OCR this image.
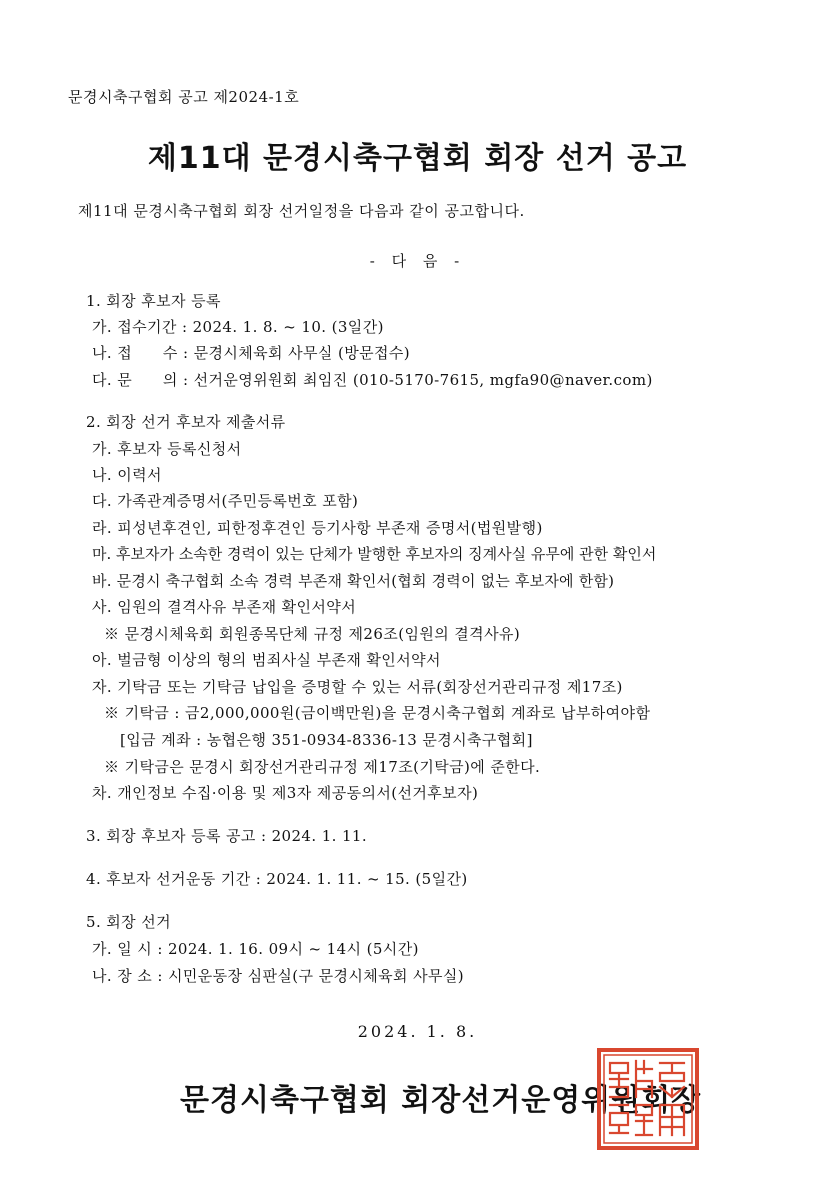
문경시축구협회 공고 제2024-1호
제11대 문경시축구협회 회장 선거 공고
제11대 문경시축구협회 회장 선거일정을 다음과 같이 공고합니다.
- 다 음 -
1. 회장 후보자 등록
가. 접수기간 : 2024. 1. 8. ~ 10. (3일간)
나. 접　　수 : 문경시체육회 사무실 (방문접수)
다. 문　　의 : 선거운영위원회 최임진 (010-5170-7615, mgfa90@naver.com)
2. 회장 선거 후보자 제출서류
가. 후보자 등록신청서
나. 이력서
다. 가족관계증명서(주민등록번호 포함)
라. 피성년후견인, 피한정후견인 등기사항 부존재 증명서(법원발행)
마. 후보자가 소속한 경력이 있는 단체가 발행한 후보자의 징계사실 유무에 관한 확인서
바. 문경시 축구협회 소속 경력 부존재 확인서(협회 경력이 없는 후보자에 한함)
사. 임원의 결격사유 부존재 확인서약서
※ 문경시체육회 회원종목단체 규정 제26조(임원의 결격사유)
아. 벌금형 이상의 형의 범죄사실 부존재 확인서약서
자. 기탁금 또는 기탁금 납입을 증명할 수 있는 서류(회장선거관리규정 제17조)
※ 기탁금 : 금2,000,000원(금이백만원)을 문경시축구협회 계좌로 납부하여야함
[입금 계좌 : 농협은행 351-0934-8336-13 문경시축구협회]
※ 기탁금은 문경시 회장선거관리규정 제17조(기탁금)에 준한다.
차. 개인정보 수집·이용 및 제3자 제공동의서(선거후보자)
3. 회장 후보자 등록 공고 : 2024. 1. 11.
4. 후보자 선거운동 기간 : 2024. 1. 11. ~ 15. (5일간)
5. 회장 선거
가. 일 시 : 2024. 1. 16. 09시 ~ 14시 (5시간)
나. 장 소 : 시민운동장 심판실(구 문경시체육회 사무실)
2024. 1. 8.
문경시축구협회 회장선거운영위원회장
